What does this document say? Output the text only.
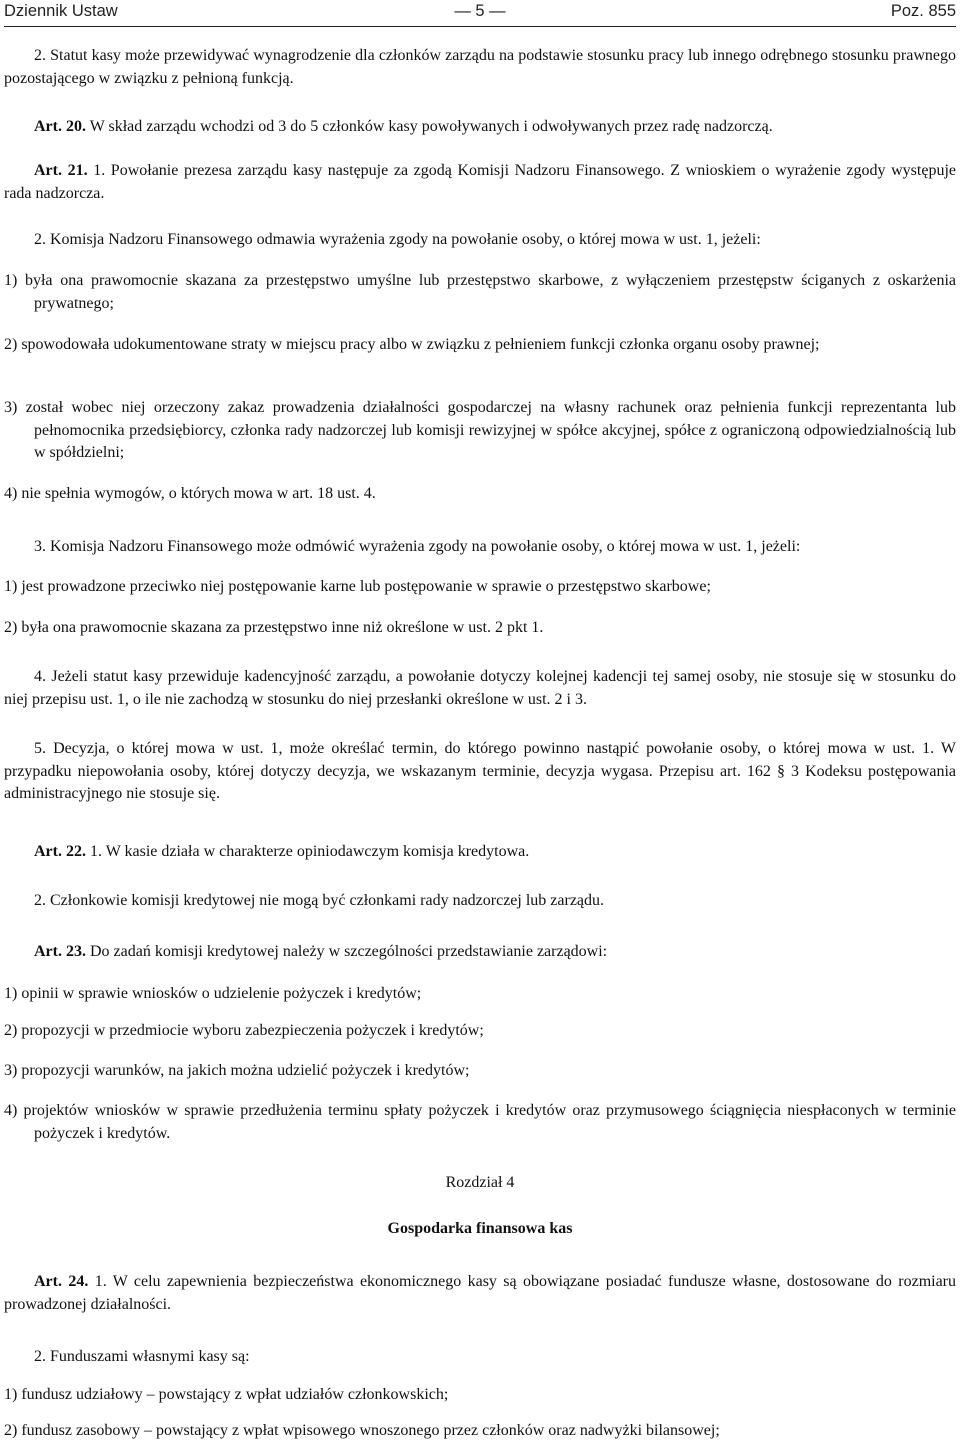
Dziennik Ustaw	— 5 —	Poz. 855
2. Statut kasy może przewidywać wynagrodzenie dla członków zarządu na podstawie stosunku pracy lub innego odrębnego stosunku prawnego pozostającego w związku z pełnioną funkcją.
Art. 20. W skład zarządu wchodzi od 3 do 5 członków kasy powoływanych i odwoływanych przez radę nadzorczą.
Art. 21. 1. Powołanie prezesa zarządu kasy następuje za zgodą Komisji Nadzoru Finansowego. Z wnioskiem o wyrażenie zgody występuje rada nadzorcza.
2. Komisja Nadzoru Finansowego odmawia wyrażenia zgody na powołanie osoby, o której mowa w ust. 1, jeżeli:
1) była ona prawomocnie skazana za przestępstwo umyślne lub przestępstwo skarbowe, z wyłączeniem przestępstw ściganych z oskarżenia prywatnego;
2) spowodowała udokumentowane straty w miejscu pracy albo w związku z pełnieniem funkcji członka organu osoby prawnej;
3) został wobec niej orzeczony zakaz prowadzenia działalności gospodarczej na własny rachunek oraz pełnienia funkcji reprezentanta lub pełnomocnika przedsiębiorcy, członka rady nadzorczej lub komisji rewizyjnej w spółce akcyjnej, spółce z ograniczoną odpowiedzialnością lub w spółdzielni;
4) nie spełnia wymogów, o których mowa w art. 18 ust. 4.
3. Komisja Nadzoru Finansowego może odmówić wyrażenia zgody na powołanie osoby, o której mowa w ust. 1, jeżeli:
1) jest prowadzone przeciwko niej postępowanie karne lub postępowanie w sprawie o przestępstwo skarbowe;
2) była ona prawomocnie skazana za przestępstwo inne niż określone w ust. 2 pkt 1.
4. Jeżeli statut kasy przewiduje kadencyjność zarządu, a powołanie dotyczy kolejnej kadencji tej samej osoby, nie stosuje się w stosunku do niej przepisu ust. 1, o ile nie zachodzą w stosunku do niej przesłanki określone w ust. 2 i 3.
5. Decyzja, o której mowa w ust. 1, może określać termin, do którego powinno nastąpić powołanie osoby, o której mowa w ust. 1. W przypadku niepowołania osoby, której dotyczy decyzja, we wskazanym terminie, decyzja wygasa. Przepisu art. 162 § 3 Kodeksu postępowania administracyjnego nie stosuje się.
Art. 22. 1. W kasie działa w charakterze opiniodawczym komisja kredytowa.
2. Członkowie komisji kredytowej nie mogą być członkami rady nadzorczej lub zarządu.
Art. 23. Do zadań komisji kredytowej należy w szczególności przedstawianie zarządowi:
1) opinii w sprawie wniosków o udzielenie pożyczek i kredytów;
2) propozycji w przedmiocie wyboru zabezpieczenia pożyczek i kredytów;
3) propozycji warunków, na jakich można udzielić pożyczek i kredytów;
4) projektów wniosków w sprawie przedłużenia terminu spłaty pożyczek i kredytów oraz przymusowego ściągnięcia niespłaconych w terminie pożyczek i kredytów.
Rozdział 4
Gospodarka finansowa kas
Art. 24. 1. W celu zapewnienia bezpieczeństwa ekonomicznego kasy są obowiązane posiadać fundusze własne, dostosowane do rozmiaru prowadzonej działalności.
2. Funduszami własnymi kasy są:
1) fundusz udziałowy – powstający z wpłat udziałów członkowskich;
2) fundusz zasobowy – powstający z wpłat wpisowego wnoszonego przez członków oraz nadwyżki bilansowej;
